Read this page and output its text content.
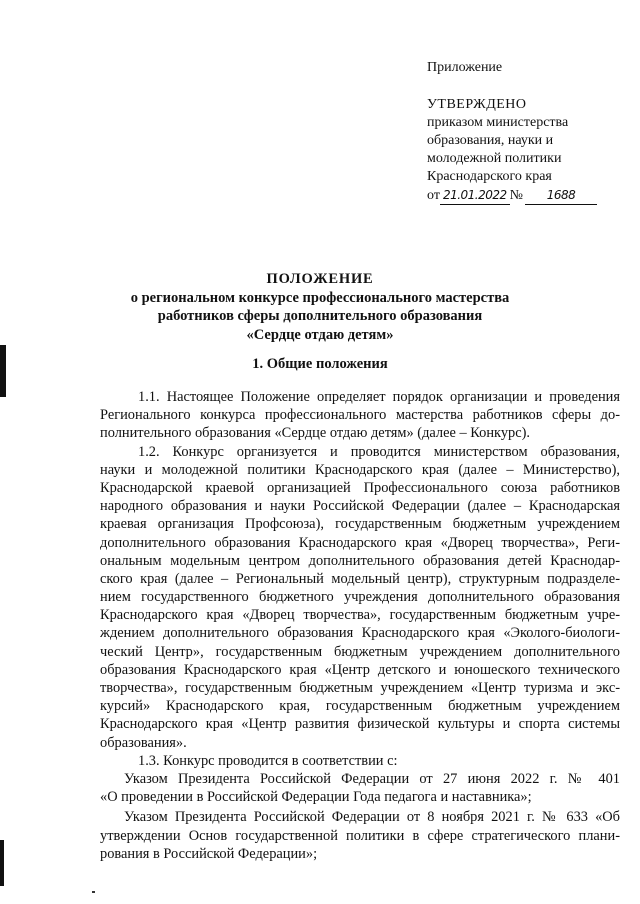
Приложение
УТВЕРЖДЕНО
приказом министерства
образования, науки и
молодежной политики
Краснодарского края
от 21.01.2022 № 1688
ПОЛОЖЕНИЕ
о региональном конкурсе профессионального мастерства
работников сферы дополнительного образования
«Сердце отдаю детям»
1. Общие положения
1.1. Настоящее Положение определяет порядок организации и проведения
Регионального конкурса профессионального мастерства работников сферы до-
полнительного образования «Сердце отдаю детям» (далее – Конкурс).
1.2. Конкурс организуется и проводится министерством образования,
науки и молодежной политики Краснодарского края (далее – Министерство),
Краснодарской краевой организацией Профессионального союза работников
народного образования и науки Российской Федерации (далее – Краснодарская
краевая организация Профсоюза), государственным бюджетным учреждением
дополнительного образования Краснодарского края «Дворец творчества», Реги-
ональным модельным центром дополнительного образования детей Краснодар-
ского края (далее – Региональный модельный центр), структурным подразделе-
нием государственного бюджетного учреждения дополнительного образования
Краснодарского края «Дворец творчества», государственным бюджетным учре-
ждением дополнительного образования Краснодарского края «Эколого-биологи-
ческий Центр», государственным бюджетным учреждением дополнительного
образования Краснодарского края «Центр детского и юношеского технического
творчества», государственным бюджетным учреждением «Центр туризма и экс-
курсий» Краснодарского края, государственным бюджетным учреждением
Краснодарского края «Центр развития физической культуры и спорта системы
образования».
1.3. Конкурс проводится в соответствии с:
Указом Президента Российской Федерации от 27 июня 2022 г. № 401
«О проведении в Российской Федерации Года педагога и наставника»;
Указом Президента Российской Федерации от 8 ноября 2021 г. № 633 «Об
утверждении Основ государственной политики в сфере стратегического плани-
рования в Российской Федерации»;
